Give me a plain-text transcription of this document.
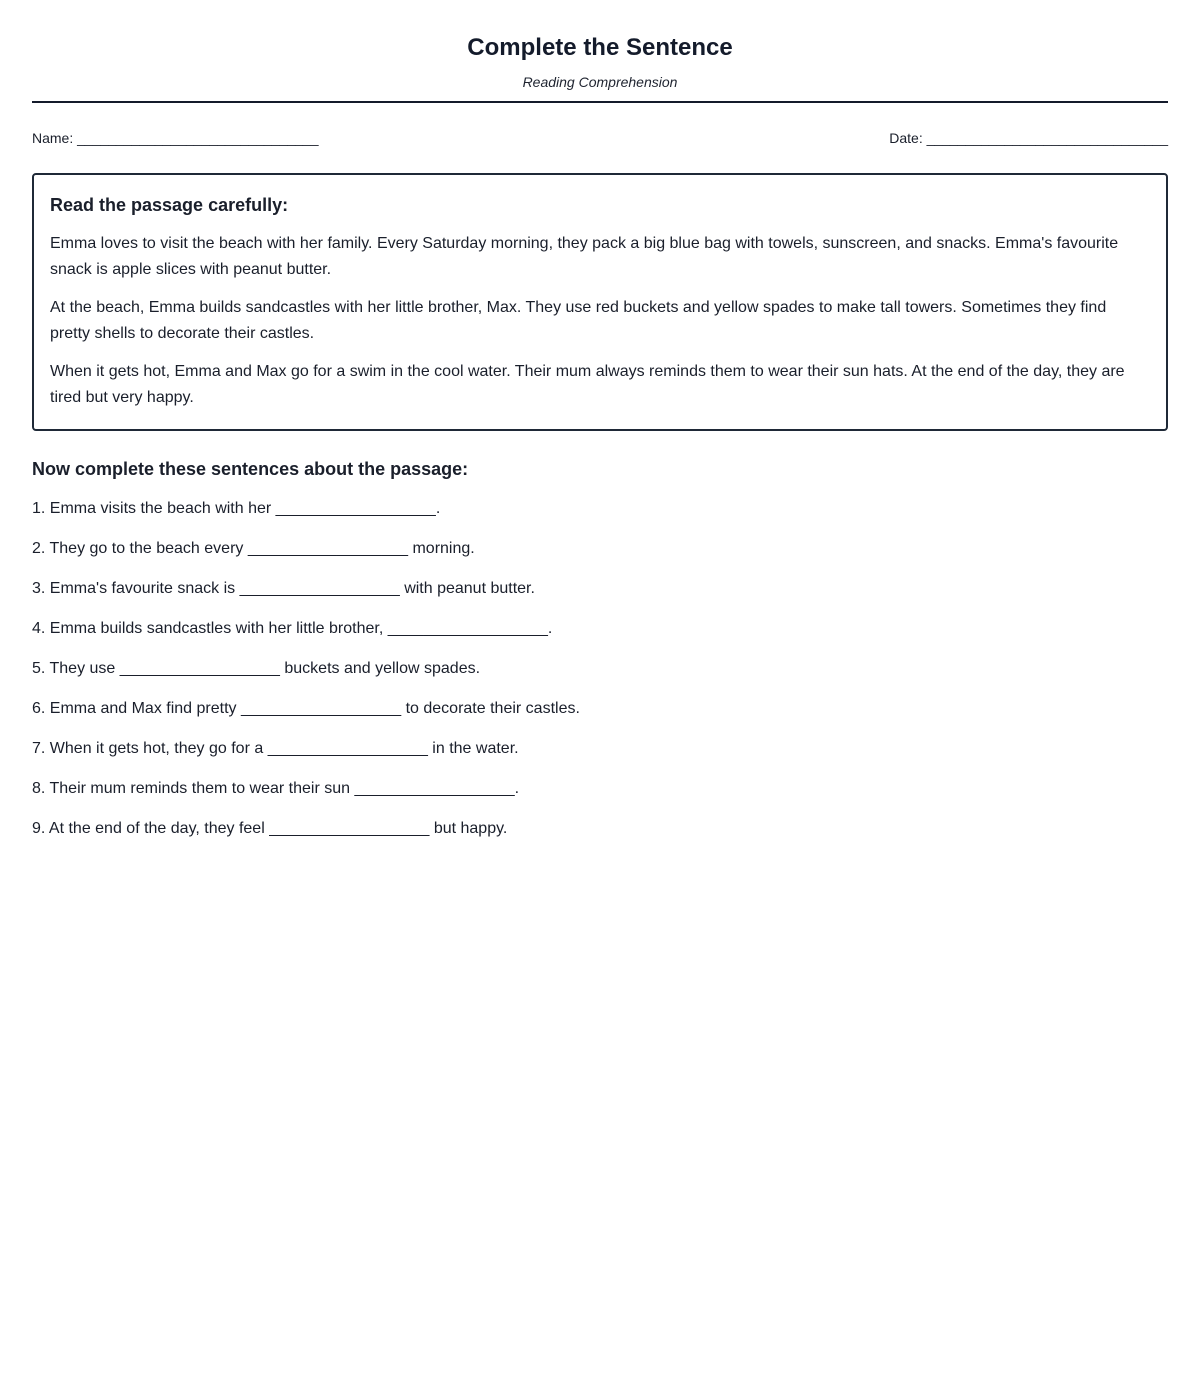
Complete the Sentence
Reading Comprehension
Name: _______________________________	Date: _______________________________
Read the passage carefully:

Emma loves to visit the beach with her family. Every Saturday morning, they pack a big blue bag with towels, sunscreen, and snacks. Emma's favourite snack is apple slices with peanut butter.

At the beach, Emma builds sandcastles with her little brother, Max. They use red buckets and yellow spades to make tall towers. Sometimes they find pretty shells to decorate their castles.

When it gets hot, Emma and Max go for a swim in the cool water. Their mum always reminds them to wear their sun hats. At the end of the day, they are tired but very happy.

Now complete these sentences about the passage:

1. Emma visits the beach with her __________________.

2. They go to the beach every __________________ morning.

3. Emma's favourite snack is __________________ with peanut butter.

4. Emma builds sandcastles with her little brother, __________________.

5. They use __________________ buckets and yellow spades.

6. Emma and Max find pretty __________________ to decorate their castles.

7. When it gets hot, they go for a __________________ in the water.

8. Their mum reminds them to wear their sun __________________.

9. At the end of the day, they feel __________________ but happy.
